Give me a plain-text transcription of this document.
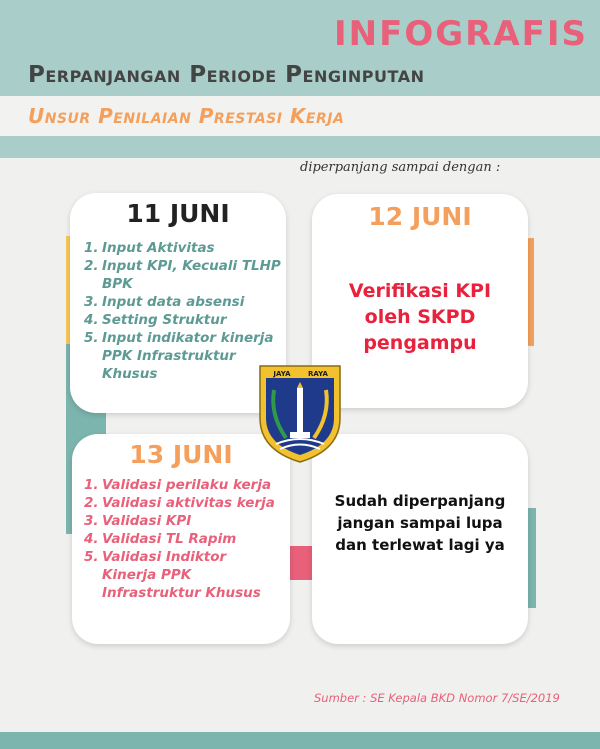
INFOGRAFIS
Perpanjangan Periode Penginputan
Unsur Penilaian Prestasi Kerja
diperpanjang sampai dengan :
11 JUNI
1. Input Aktivitas
2. Input KPI, Kecuali TLHP BPK
3. Input data absensi
4. Setting Struktur
5. Input indikator kinerja PPK Infrastruktur Khusus
12 JUNI
Verifikasi KPI
oleh SKPD
pengampu
13 JUNI
1. Validasi perilaku kerja
2. Validasi aktivitas kerja
3. Validasi KPI
4. Validasi TL Rapim
5. Validasi Indiktor Kinerja PPK Infrastruktur Khusus
Sudah diperpanjang
jangan sampai lupa
dan terlewat lagi ya
JAYA RAYA
Sumber : SE Kepala BKD Nomor 7/SE/2019
